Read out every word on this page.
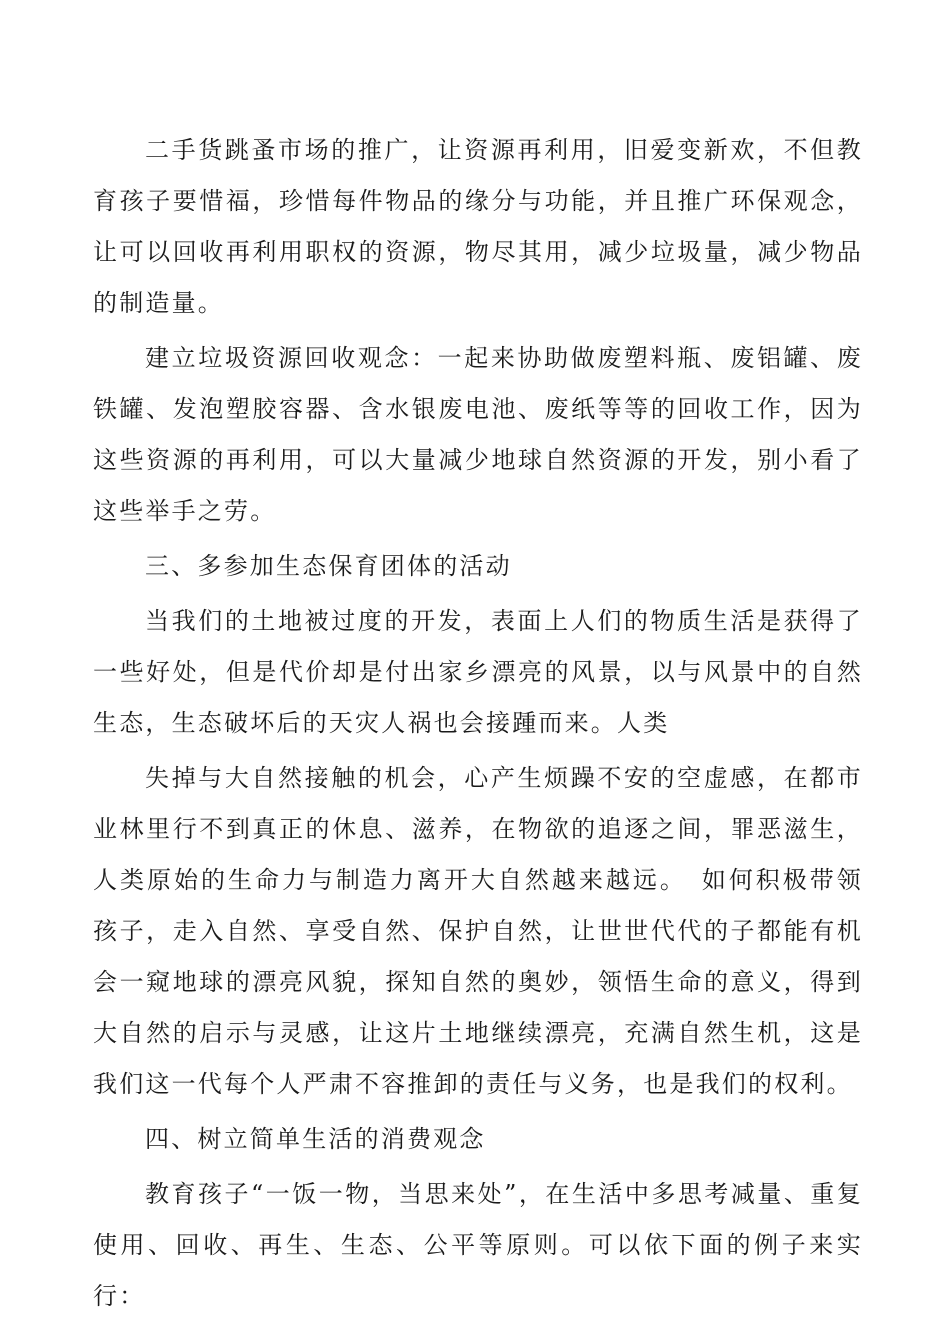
二手货跳蚤市场的推广，让资源再利用，旧爱变新欢，不但教育孩子要惜福，珍惜每件物品的缘分与功能，并且推广环保观念，让可以回收再利用职权的资源，物尽其用，减少垃圾量，减少物品的制造量。

建立垃圾资源回收观念：一起来协助做废塑料瓶、废铝罐、废铁罐、发泡塑胶容器、含水银废电池、废纸等等的回收工作，因为这些资源的再利用，可以大量减少地球自然资源的开发，别小看了这些举手之劳。

三、多参加生态保育团体的活动

当我们的土地被过度的开发，表面上人们的物质生活是获得了一些好处，但是代价却是付出家乡漂亮的风景，以与风景中的自然生态，生态破坏后的天灾人祸也会接踵而来。人类

失掉与大自然接触的机会，心产生烦躁不安的空虚感，在都市业林里行不到真正的休息、滋养，在物欲的追逐之间，罪恶滋生，人类原始的生命力与制造力离开大自然越来越远。　如何积极带领孩子，走入自然、享受自然、保护自然，让世世代代的子都能有机会一窥地球的漂亮风貌，探知自然的奥妙，领悟生命的意义，得到大自然的启示与灵感，让这片土地继续漂亮，充满自然生机，这是我们这一代每个人严肃不容推卸的责任与义务，也是我们的权利。

四、树立简单生活的消费观念

教育孩子“一饭一物，当思来处”，在生活中多思考减量、重复使用、回收、再生、生态、公平等原则。可以依下面的例子来实行：
